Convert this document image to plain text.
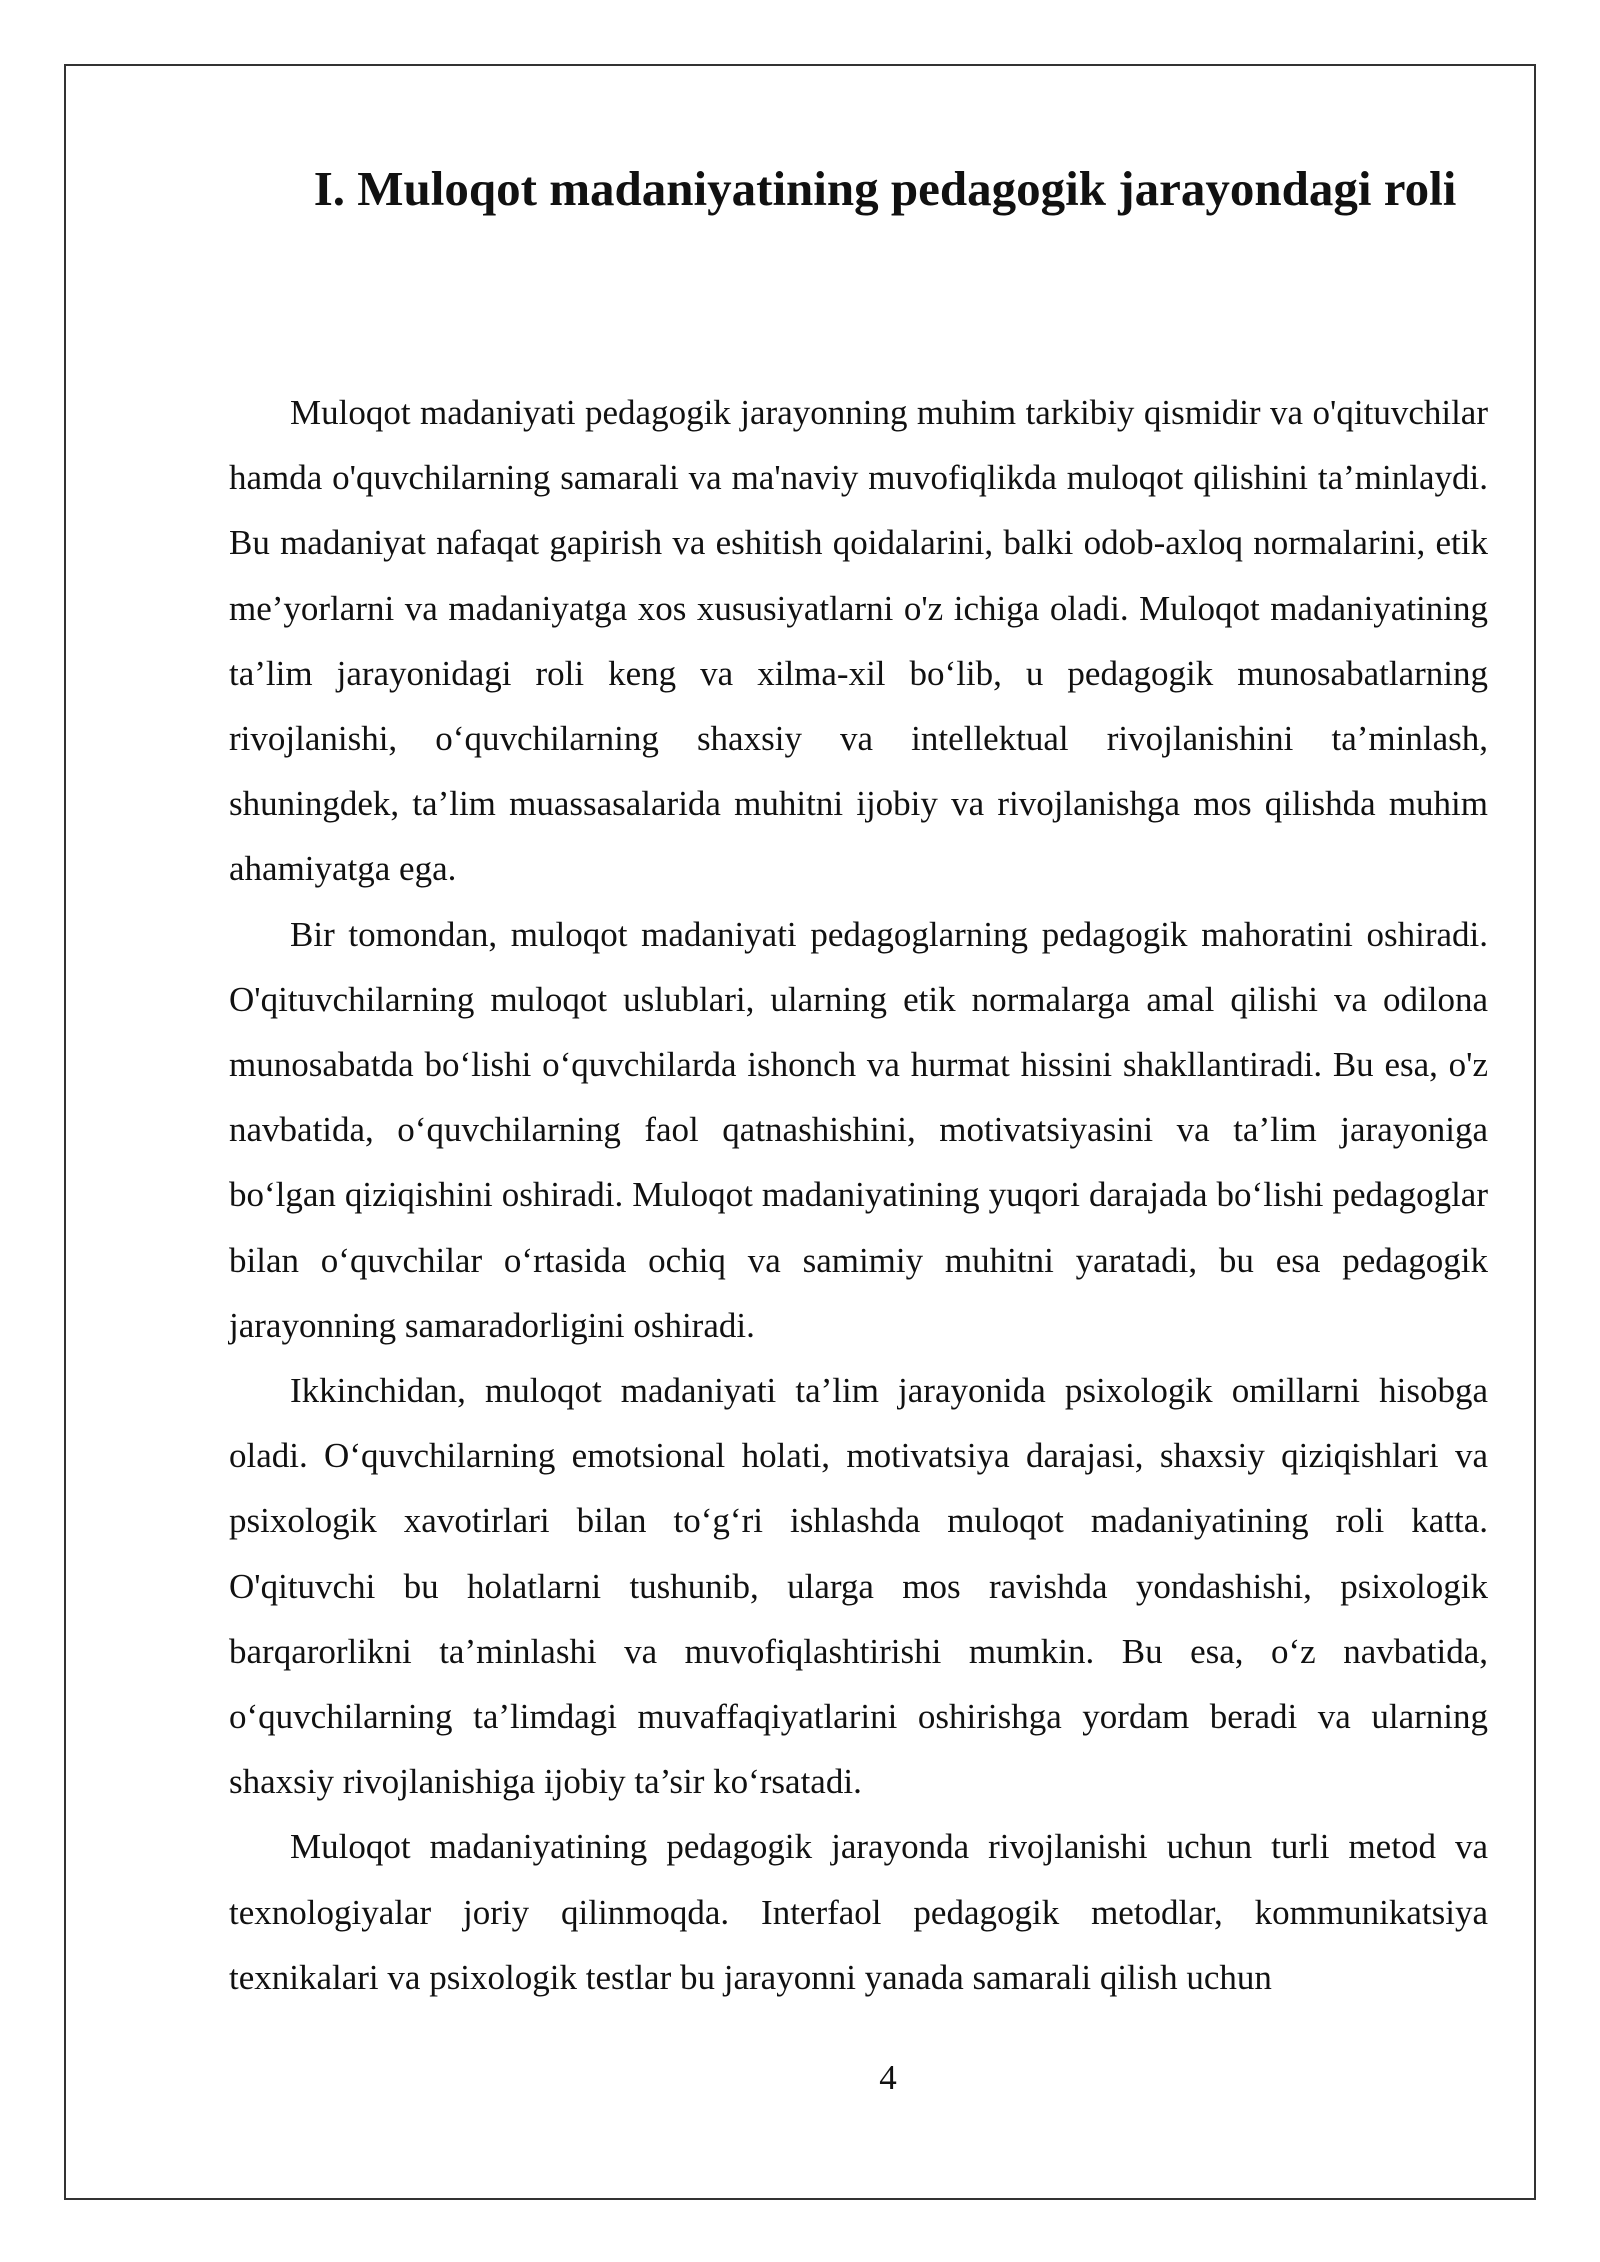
I. Muloqot madaniyatining pedagogik jarayondagi roli

Muloqot madaniyati pedagogik jarayonning muhim tarkibiy qismidir va o'qituvchilar hamda o'quvchilarning samarali va ma'naviy muvofiqlikda muloqot qilishini ta’minlaydi. Bu madaniyat nafaqat gapirish va eshitish qoidalarini, balki odob-axloq normalarini, etik me’yorlarni va madaniyatga xos xususiyatlarni o'z ichiga oladi. Muloqot madaniyatining ta’lim jarayonidagi roli keng va xilma-xil bo‘lib, u pedagogik munosabatlarning rivojlanishi, o‘quvchilarning shaxsiy va intellektual rivojlanishini ta’minlash, shuningdek, ta’lim muassasalarida muhitni ijobiy va rivojlanishga mos qilishda muhim ahamiyatga ega.

Bir tomondan, muloqot madaniyati pedagoglarning pedagogik mahoratini oshiradi. O'qituvchilarning muloqot uslublari, ularning etik normalarga amal qilishi va odilona munosabatda bo‘lishi o‘quvchilarda ishonch va hurmat hissini shakllantiradi. Bu esa, o'z navbatida, o‘quvchilarning faol qatnashishini, motivatsiyasini va ta’lim jarayoniga bo‘lgan qiziqishini oshiradi. Muloqot madaniyatining yuqori darajada bo‘lishi pedagoglar bilan o‘quvchilar o‘rtasida ochiq va samimiy muhitni yaratadi, bu esa pedagogik jarayonning samaradorligini oshiradi.

Ikkinchidan, muloqot madaniyati ta’lim jarayonida psixologik omillarni hisobga oladi. O‘quvchilarning emotsional holati, motivatsiya darajasi, shaxsiy qiziqishlari va psixologik xavotirlari bilan to‘g‘ri ishlashda muloqot madaniyatining roli katta. O'qituvchi bu holatlarni tushunib, ularga mos ravishda yondashishi, psixologik barqarorlikni ta’minlashi va muvofiqlashtirishi mumkin. Bu esa, o‘z navbatida, o‘quvchilarning ta’limdagi muvaffaqiyatlarini oshirishga yordam beradi va ularning shaxsiy rivojlanishiga ijobiy ta’sir ko‘rsatadi.

Muloqot madaniyatining pedagogik jarayonda rivojlanishi uchun turli metod va texnologiyalar joriy qilinmoqda. Interfaol pedagogik metodlar, kommunikatsiya texnikalari va psixologik testlar bu jarayonni yanada samarali qilish uchun

4
